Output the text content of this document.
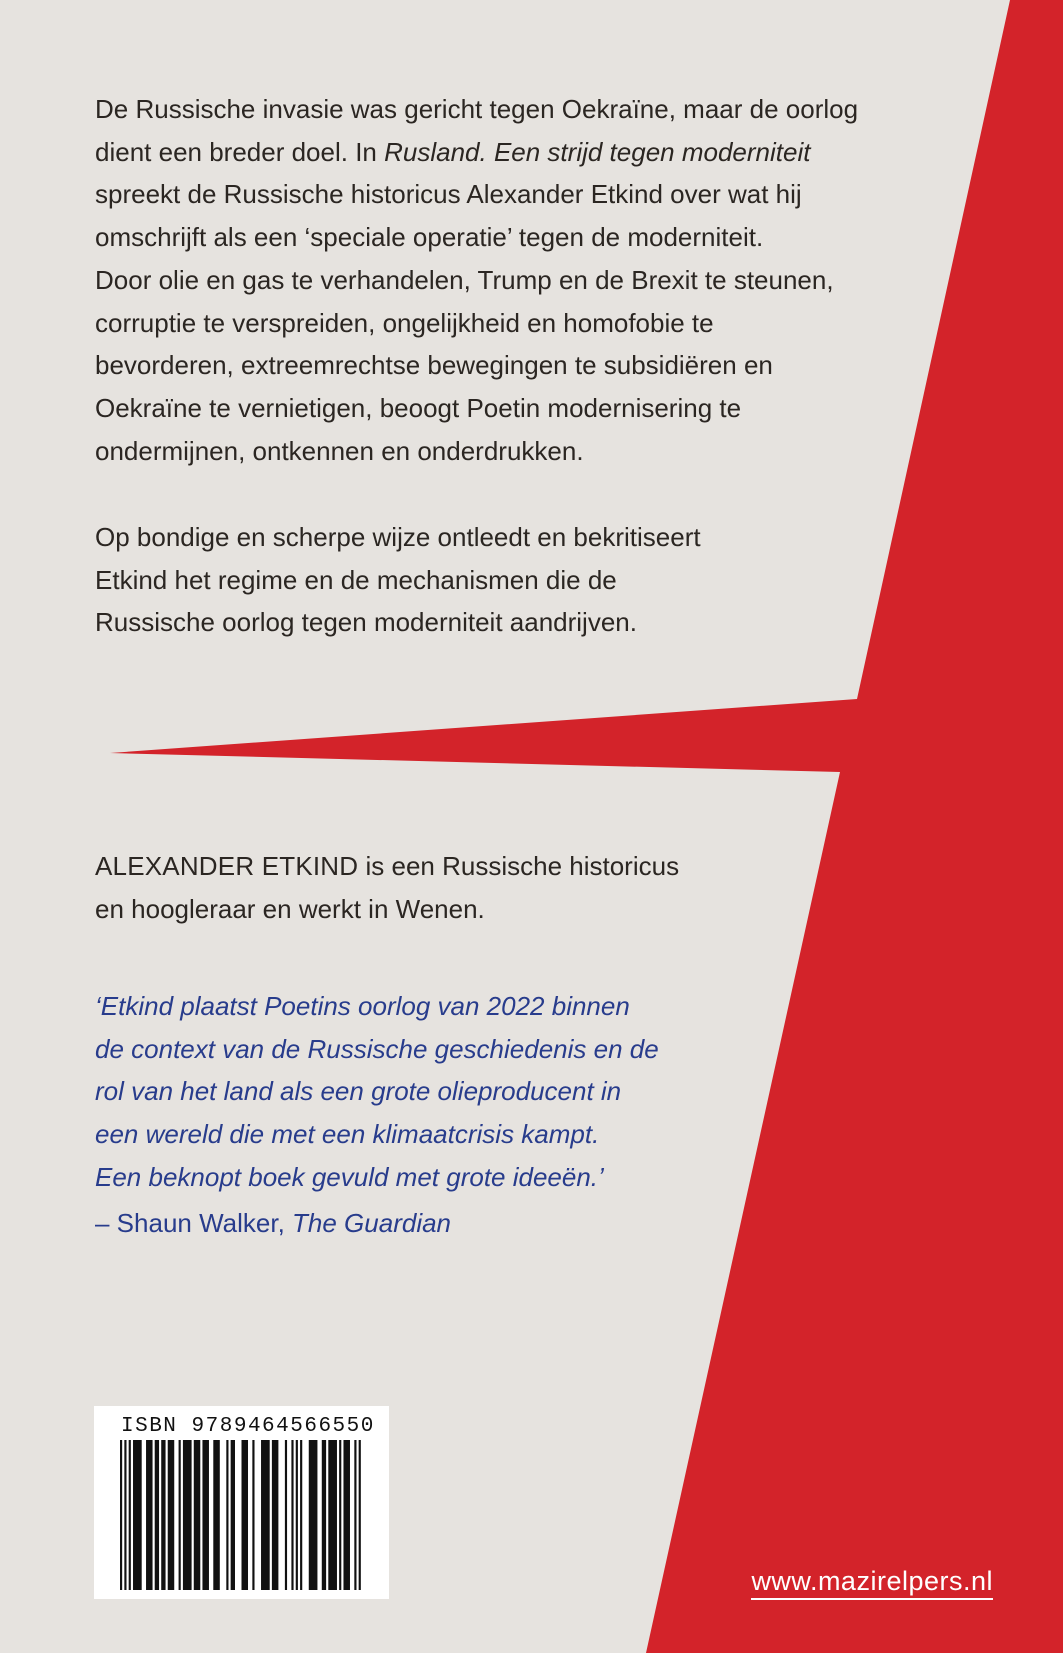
De Russische invasie was gericht tegen Oekraïne, maar de oorlog
dient een breder doel. In Rusland. Een strijd tegen moderniteit
spreekt de Russische historicus Alexander Etkind over wat hij
omschrijft als een ‘speciale operatie’ tegen de moderniteit.
Door olie en gas te verhandelen, Trump en de Brexit te steunen,
corruptie te verspreiden, ongelijkheid en homofobie te
bevorderen, extreemrechtse bewegingen te subsidiëren en
Oekraïne te vernietigen, beoogt Poetin modernisering te
ondermijnen, ontkennen en onderdrukken.

Op bondige en scherpe wijze ontleedt en bekritiseert
Etkind het regime en de mechanismen die de
Russische oorlog tegen moderniteit aandrijven.

ALEXANDER ETKIND is een Russische historicus
en hoogleraar en werkt in Wenen.
‘Etkind plaatst Poetins oorlog van 2022 binnen
de context van de Russische geschiedenis en de
rol van het land als een grote olieproducent in
een wereld die met een klimaatcrisis kampt.
Een beknopt boek gevuld met grote ideeën.’
– Shaun Walker, The Guardian
ISBN 9789464566550
www.mazirelpers.nl
